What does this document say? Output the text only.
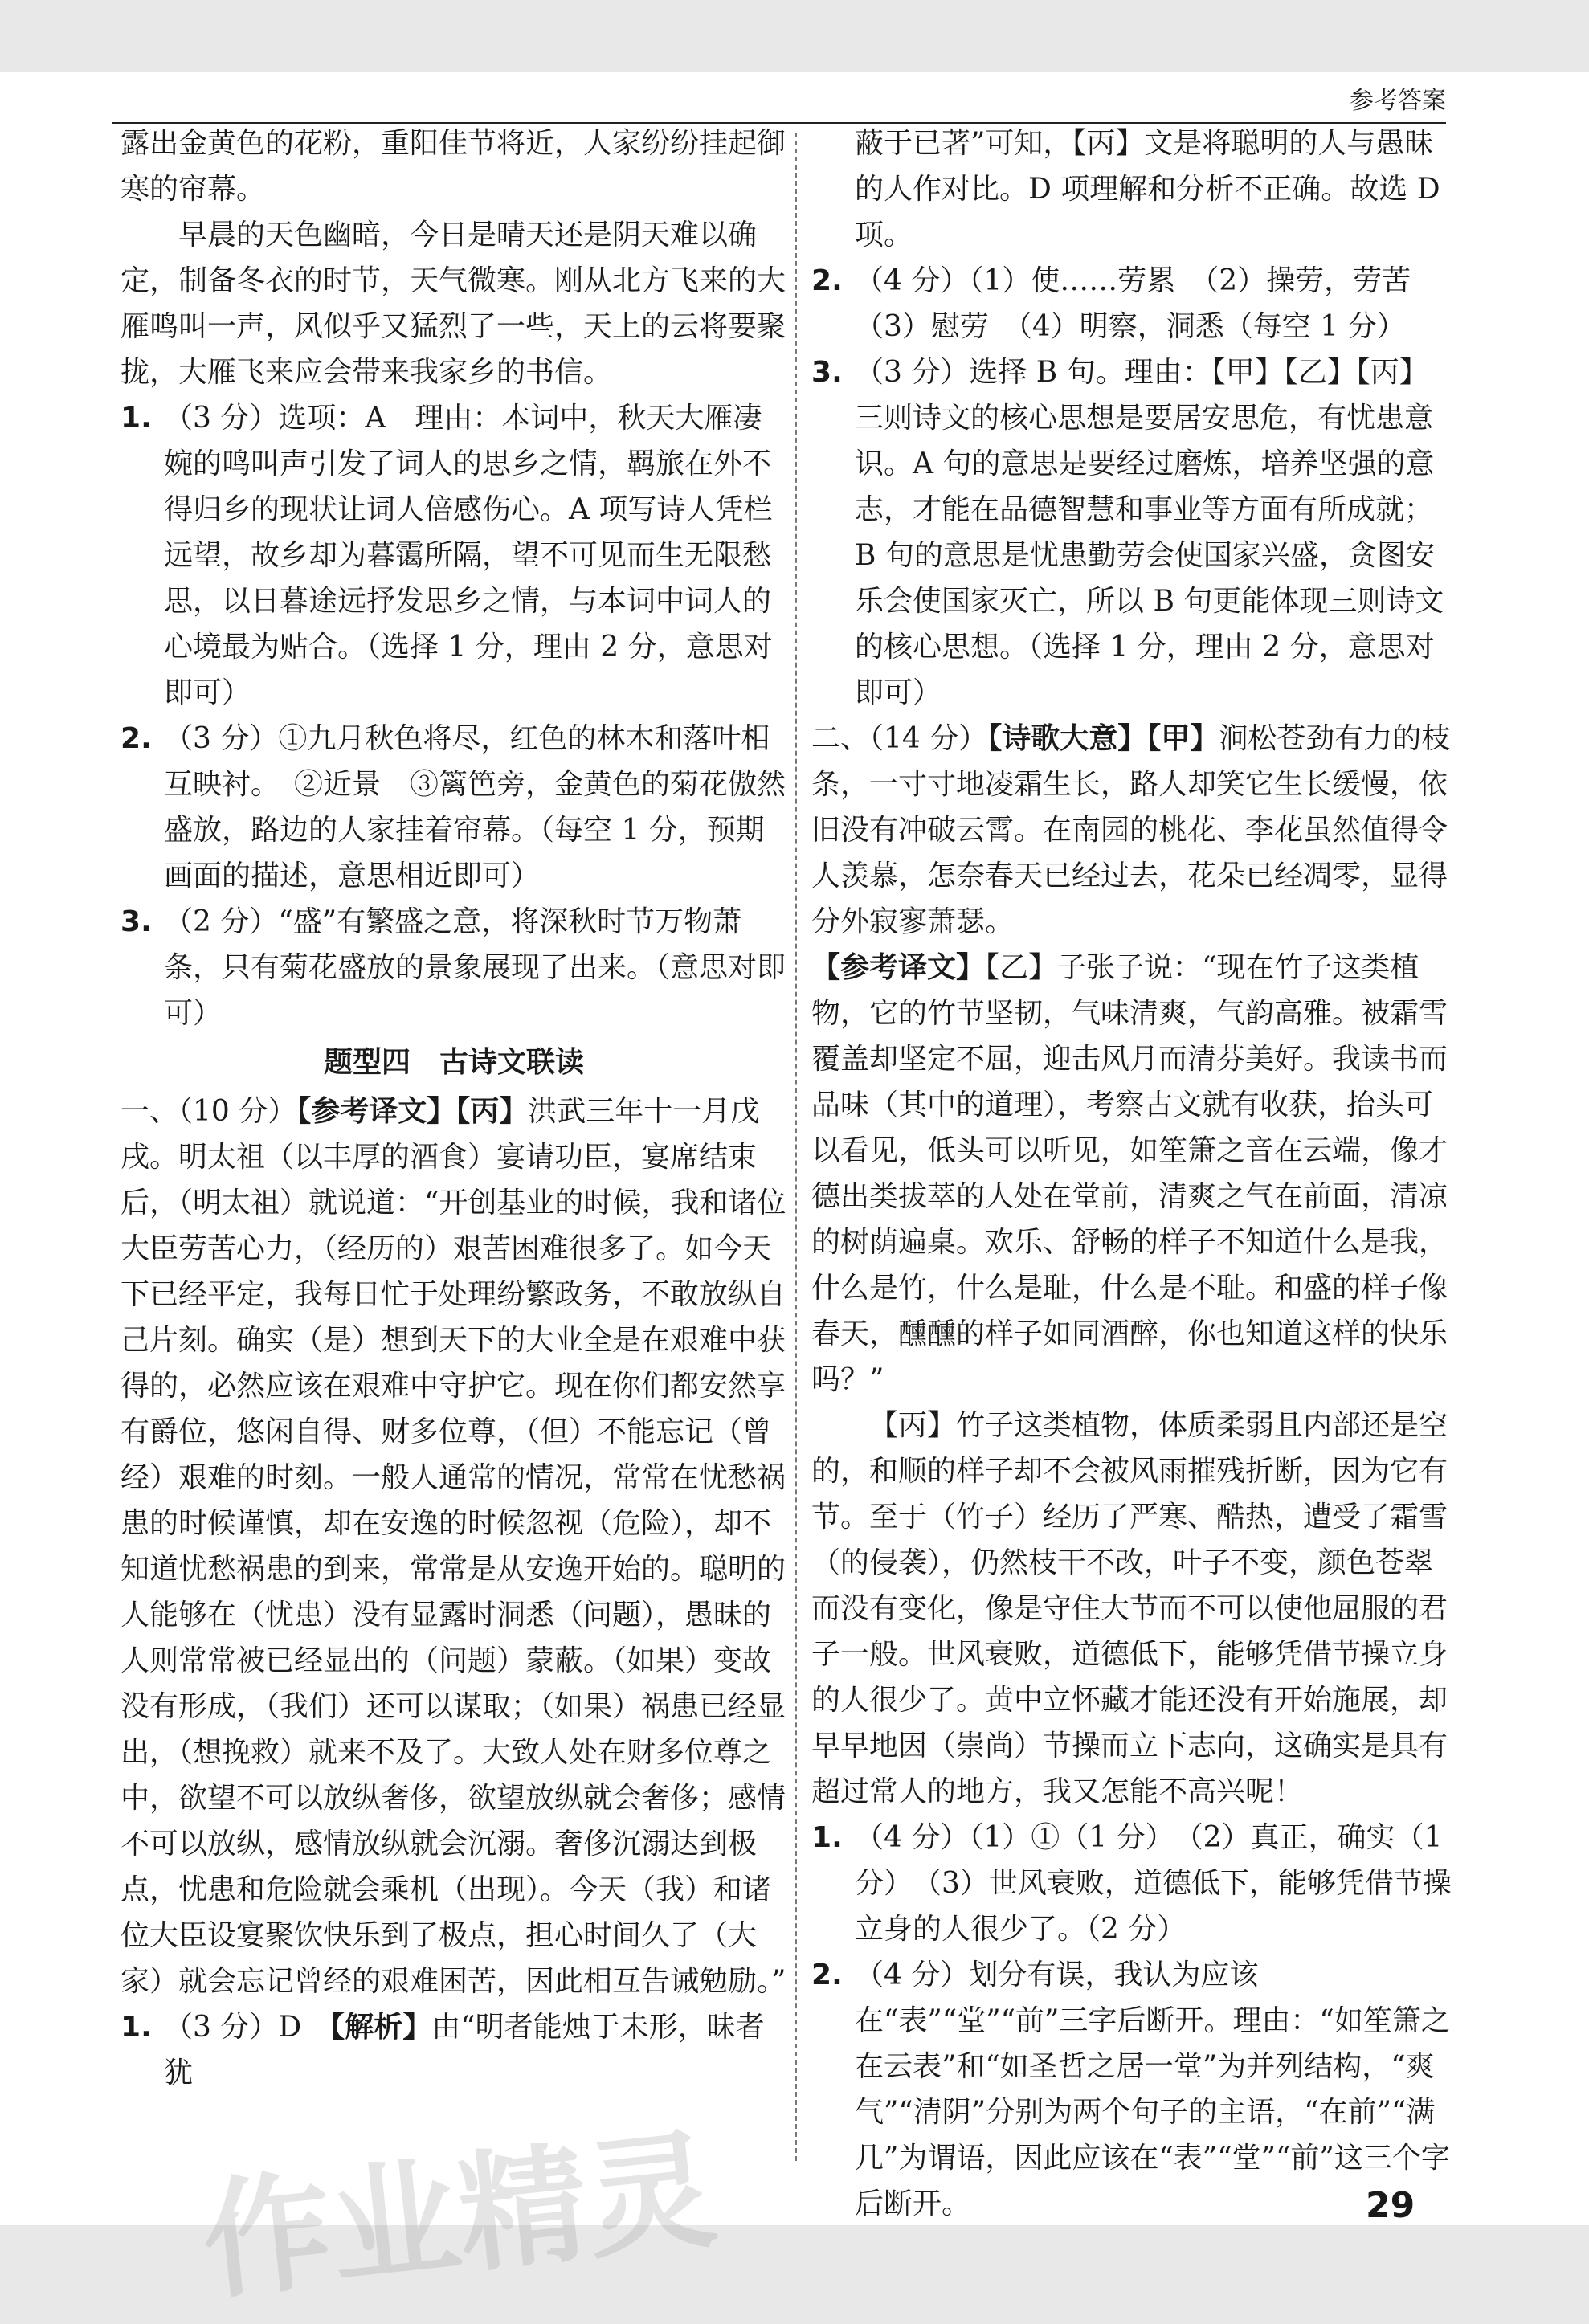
参考答案

露出金黄色的花粉，重阳佳节将近，人家纷纷挂起御寒的帘幕。

早晨的天色幽暗，今日是晴天还是阴天难以确定，制备冬衣的时节，天气微寒。刚从北方飞来的大雁鸣叫一声，风似乎又猛烈了一些，天上的云将要聚拢，大雁飞来应会带来我家乡的书信。

1 . （3 分）选项：A　理由：本词中，秋天大雁凄婉的鸣叫声引发了词人的思乡之情，羁旅在外不得归乡的现状让词人倍感伤心。A 项写诗人凭栏远望，故乡却为暮霭所隔，望不可见而生无限愁思，以日暮途远抒发思乡之情，与本词中词人的心境最为贴合。（选择 1 分，理由 2 分，意思对即可）

2 . （3 分）①九月秋色将尽，红色的林木和落叶相互映衬。　②近景　③篱笆旁，金黄色的菊花傲然盛放，路边的人家挂着帘幕。（每空 1 分，预期画面的描述，意思相近即可）

3 . （2 分）“盛”有繁盛之意，将深秋时节万物萧条，只有菊花盛放的景象展现了出来。（意思对即可）

题型四 古诗文联读

一、（10 分）【参考译文】【丙】洪武三年十一月戊戌。明太祖（以丰厚的酒食）宴请功臣，宴席结束后，（明太祖）就说道：“开创基业的时候，我和诸位大臣劳苦心力，（经历的）艰苦困难很多了。如今天下已经平定，我每日忙于处理纷繁政务，不敢放纵自己片刻。确实（是）想到天下的大业全是在艰难中获得的，必然应该在艰难中守护它。现在你们都安然享有爵位，悠闲自得、财多位尊，（但）不能忘记（曾经）艰难的时刻。一般人通常的情况，常常在忧愁祸患的时候谨慎，却在安逸的时候忽视（危险），却不知道忧愁祸患的到来，常常是从安逸开始的。聪明的人能够在（忧患）没有显露时洞悉（问题），愚昧的人则常常被已经显出的（问题）蒙蔽。（如果）变故没有形成，（我们）还可以谋取；（如果）祸患已经显出，（想挽救）就来不及了。大致人处在财多位尊之中，欲望不可以放纵奢侈，欲望放纵就会奢侈；感情不可以放纵，感情放纵就会沉溺。奢侈沉溺达到极点，忧患和危险就会乘机（出现）。今天（我）和诸位大臣设宴聚饮快乐到了极点，担心时间久了（大家）就会忘记曾经的艰难困苦，因此相互告诫勉励。”

1 . （3 分）D　【解析】由“明者能烛于未形，昧者犹

蔽于已著”可知，【丙】文是将聪明的人与愚昧的人作对比。D 项理解和分析不正确。故选 D 项。

2 . （4 分）（1）使……劳累　（2）操劳，劳苦　（3）慰劳　（4）明察，洞悉（每空 1 分）

3 . （3 分）选择 B 句。理由：【甲】【乙】【丙】三则诗文的核心思想是要居安思危，有忧患意识。A 句的意思是要经过磨炼，培养坚强的意志，才能在品德智慧和事业等方面有所成就；B 句的意思是忧患勤劳会使国家兴盛，贪图安乐会使国家灭亡，所以 B 句更能体现三则诗文的核心思想。（选择 1 分，理由 2 分，意思对即可）

二、（14 分）【诗歌大意】【甲】涧松苍劲有力的枝条，一寸寸地凌霜生长，路人却笑它生长缓慢，依旧没有冲破云霄。在南园的桃花、李花虽然值得令人羡慕，怎奈春天已经过去，花朵已经凋零，显得分外寂寥萧瑟。

【参考译文】【乙】子张子说：“现在竹子这类植物，它的竹节坚韧，气味清爽，气韵高雅。被霜雪覆盖却坚定不屈，迎击风月而清芬美好。我读书而品味（其中的道理），考察古文就有收获，抬头可以看见，低头可以听见，如笙箫之音在云端，像才德出类拔萃的人处在堂前，清爽之气在前面，清凉的树荫遍桌。欢乐、舒畅的样子不知道什么是我，什么是竹，什么是耻，什么是不耻。和盛的样子像春天，醺醺的样子如同酒醉，你也知道这样的快乐吗？”

【丙】竹子这类植物，体质柔弱且内部还是空的，和顺的样子却不会被风雨摧残折断，因为它有节。至于（竹子）经历了严寒、酷热，遭受了霜雪（的侵袭），仍然枝干不改，叶子不变，颜色苍翠而没有变化，像是守住大节而不可以使他屈服的君子一般。世风衰败，道德低下，能够凭借节操立身的人很少了。黄中立怀藏才能还没有开始施展，却早早地因（崇尚）节操而立下志向，这确实是具有超过常人的地方，我又怎能不高兴呢！

1 . （4 分）（1）①（1 分）　（2）真正，确实（1 分）　（3）世风衰败，道德低下，能够凭借节操立身的人很少了。（2 分）

2 . （4 分）划分有误，我认为应该在“表”“堂”“前”三字后断开。理由：“如笙箫之在云表”和“如圣哲之居一堂”为并列结构，“爽气”“清阴”分别为两个句子的主语，“在前”“满几”为谓语，因此应该在“表”“堂”“前”这三个字后断开。

作业精灵	29
